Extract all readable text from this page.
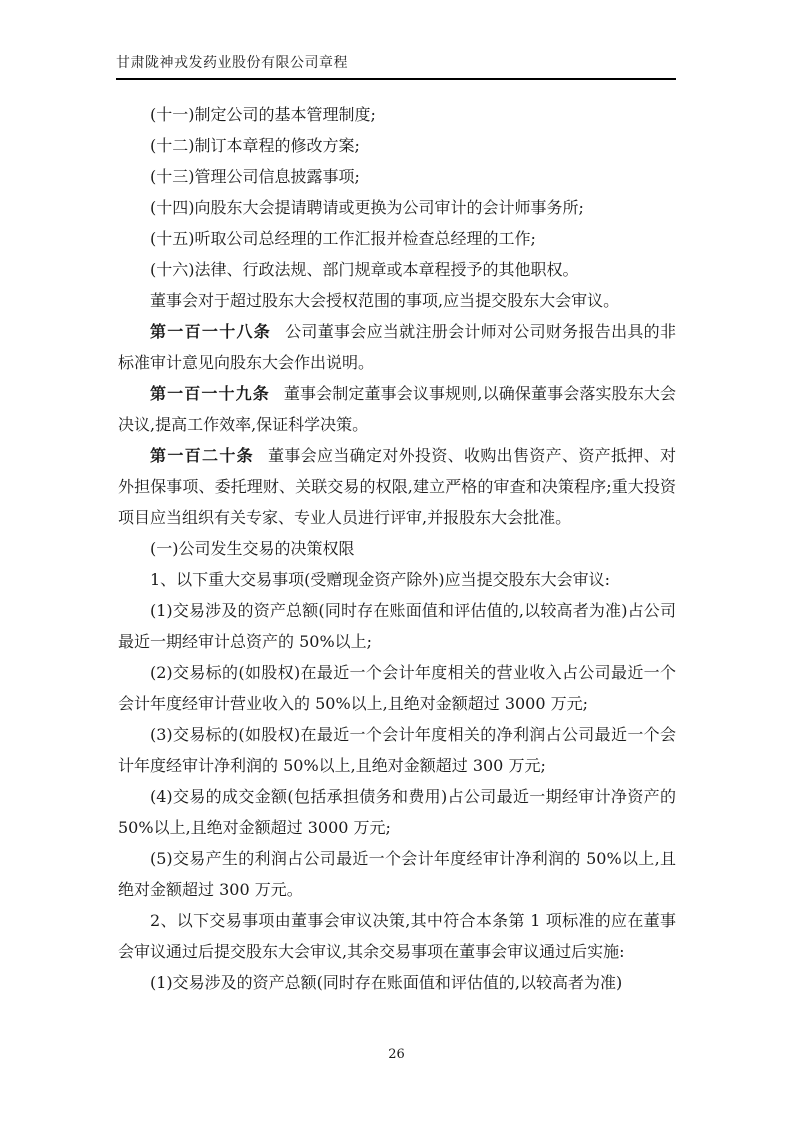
甘肃陇神戎发药业股份有限公司章程

(十一)制定公司的基本管理制度;

(十二)制订本章程的修改方案;

(十三)管理公司信息披露事项;

(十四)向股东大会提请聘请或更换为公司审计的会计师事务所;

(十五)听取公司总经理的工作汇报并检查总经理的工作;

(十六)法律、行政法规、部门规章或本章程授予的其他职权。

董事会对于超过股东大会授权范围的事项,应当提交股东大会审议。

第一百一十八条 公司董事会应当就注册会计师对公司财务报告出具的非标准审计意见向股东大会作出说明。

第一百一十九条 董事会制定董事会议事规则,以确保董事会落实股东大会决议,提高工作效率,保证科学决策。

第一百二十条 董事会应当确定对外投资、收购出售资产、资产抵押、对外担保事项、委托理财、关联交易的权限,建立严格的审查和决策程序;重大投资项目应当组织有关专家、专业人员进行评审,并报股东大会批准。

(一)公司发生交易的决策权限

1、以下重大交易事项(受赠现金资产除外)应当提交股东大会审议:

(1)交易涉及的资产总额(同时存在账面值和评估值的,以较高者为准)占公司最近一期经审计总资产的 50%以上;

(2)交易标的(如股权)在最近一个会计年度相关的营业收入占公司最近一个会计年度经审计营业收入的 50%以上,且绝对金额超过 3000 万元;

(3)交易标的(如股权)在最近一个会计年度相关的净利润占公司最近一个会计年度经审计净利润的 50%以上,且绝对金额超过 300 万元;

(4)交易的成交金额(包括承担债务和费用)占公司最近一期经审计净资产的 50%以上,且绝对金额超过 3000 万元;

(5)交易产生的利润占公司最近一个会计年度经审计净利润的 50%以上,且绝对金额超过 300 万元。

2、以下交易事项由董事会审议决策,其中符合本条第 1 项标准的应在董事会审议通过后提交股东大会审议,其余交易事项在董事会审议通过后实施:

(1)交易涉及的资产总额(同时存在账面值和评估值的,以较高者为准)

26
